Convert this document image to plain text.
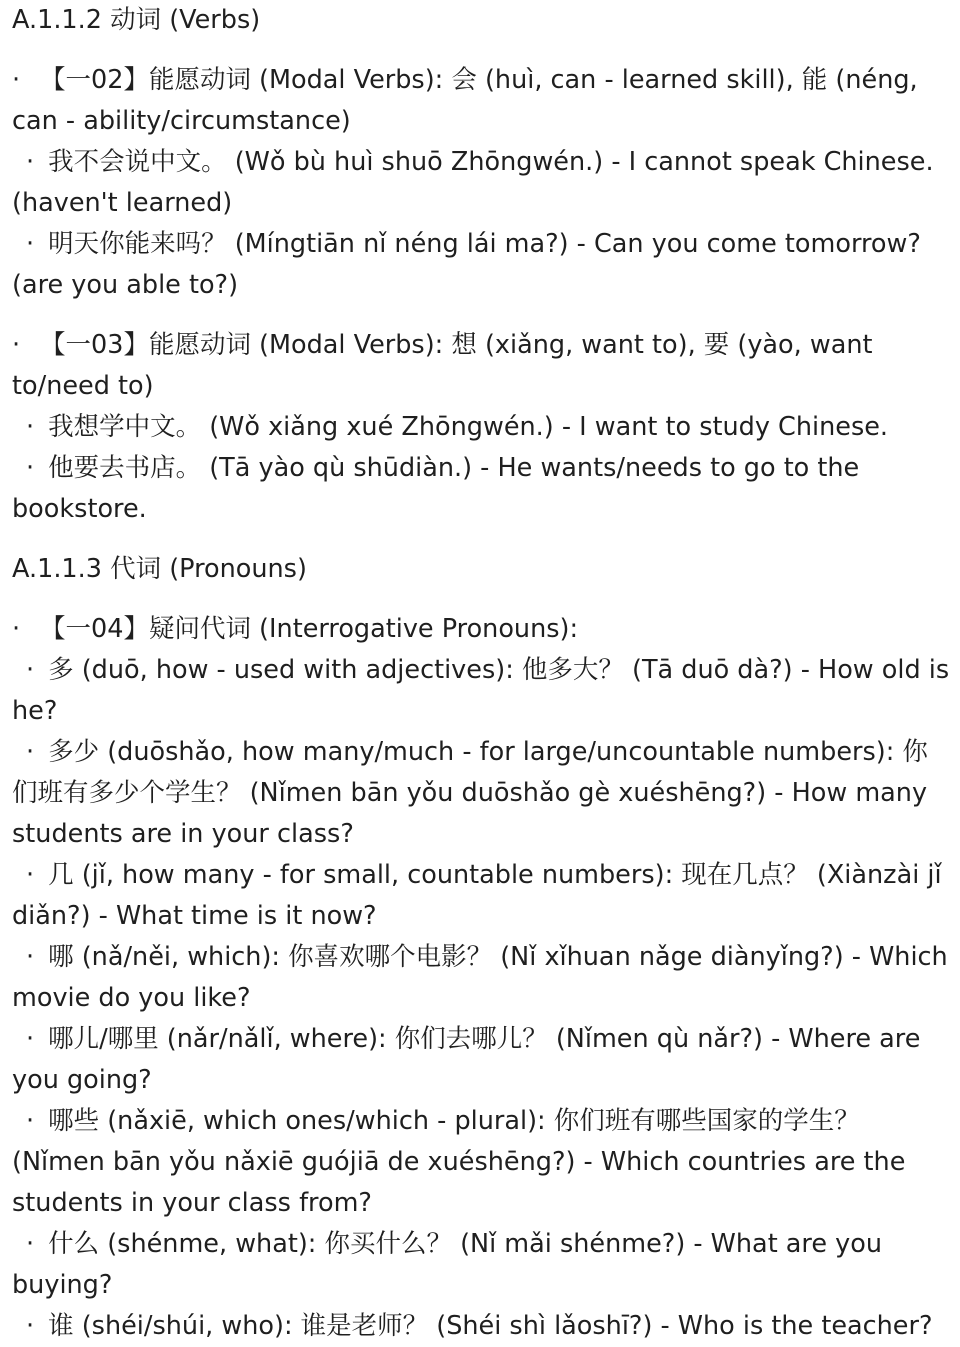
A.1.1.2 动词 (Verbs)

· 【一02】能愿动词 (Modal Verbs): 会 (huì, can - learned skill), 能 (néng, can - ability/circumstance)

· 我不会说中文。 (Wǒ bù huì shuō Zhōngwén.) - I cannot speak Chinese. (haven't learned)

· 明天你能来吗？ (Míngtiān nǐ néng lái ma?) - Can you come tomorrow? (are you able to?)

· 【一03】能愿动词 (Modal Verbs): 想 (xiǎng, want to), 要 (yào, want to/need to)

· 我想学中文。 (Wǒ xiǎng xué Zhōngwén.) - I want to study Chinese.

· 他要去书店。 (Tā yào qù shūdiàn.) - He wants/needs to go to the bookstore.

A.1.1.3 代词 (Pronouns)

· 【一04】疑问代词 (Interrogative Pronouns):

· 多 (duō, how - used with adjectives): 他多大？ (Tā duō dà?) - How old is he?

· 多少 (duōshǎo, how many/much - for large/uncountable numbers): 你们班有多少个学生？ (Nǐmen bān yǒu duōshǎo gè xuéshēng?) - How many students are in your class?

· 几 (jǐ, how many - for small, countable numbers): 现在几点？ (Xiànzài jǐ diǎn?) - What time is it now?

· 哪 (nǎ/něi, which): 你喜欢哪个电影？ (Nǐ xǐhuan nǎge diànyǐng?) - Which movie do you like?

· 哪儿/哪里 (nǎr/nǎlǐ, where): 你们去哪儿？ (Nǐmen qù nǎr?) - Where are you going?

· 哪些 (nǎxiē, which ones/which - plural): 你们班有哪些国家的学生？ (Nǐmen bān yǒu nǎxiē guójiā de xuéshēng?) - Which countries are the students in your class from?

· 什么 (shénme, what): 你买什么？ (Nǐ mǎi shénme?) - What are you buying?

· 谁 (shéi/shúi, who): 谁是老师？ (Shéi shì lǎoshī?) - Who is the teacher?
